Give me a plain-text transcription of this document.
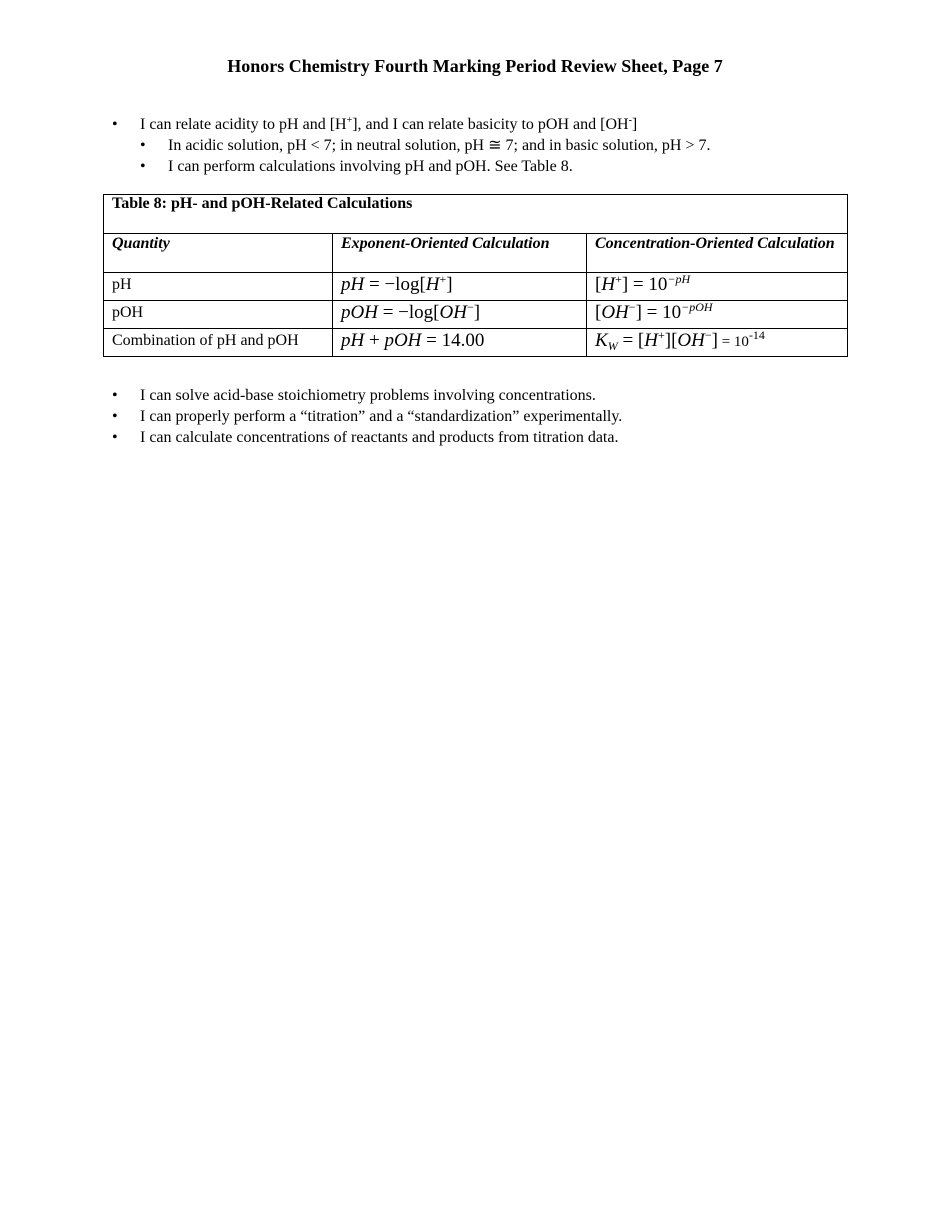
Honors Chemistry Fourth Marking Period Review Sheet, Page 7
• I can relate acidity to pH and [H+], and I can relate basicity to pOH and [OH-]
• In acidic solution, pH < 7; in neutral solution, pH ≅ 7; and in basic solution, pH > 7.
• I can perform calculations involving pH and pOH. See Table 8.
Table 8: pH- and pOH-Related Calculations		
Quantity	Exponent-Oriented Calculation	Concentration-Oriented Calculation
pH	pH = −log[H+]	$[H^+] = 10^{-pH}$
pOH	pOH = −log[OH−]	$[OH^-] = 10^{-pOH}$
Combination of pH and pOH	pH + pOH = 14.00	$K_W = [H^+][OH^-] = 10^{-14}$
• I can solve acid-base stoichiometry problems involving concentrations.
• I can properly perform a “titration” and a “standardization” experimentally.
• I can calculate concentrations of reactants and products from titration data.
